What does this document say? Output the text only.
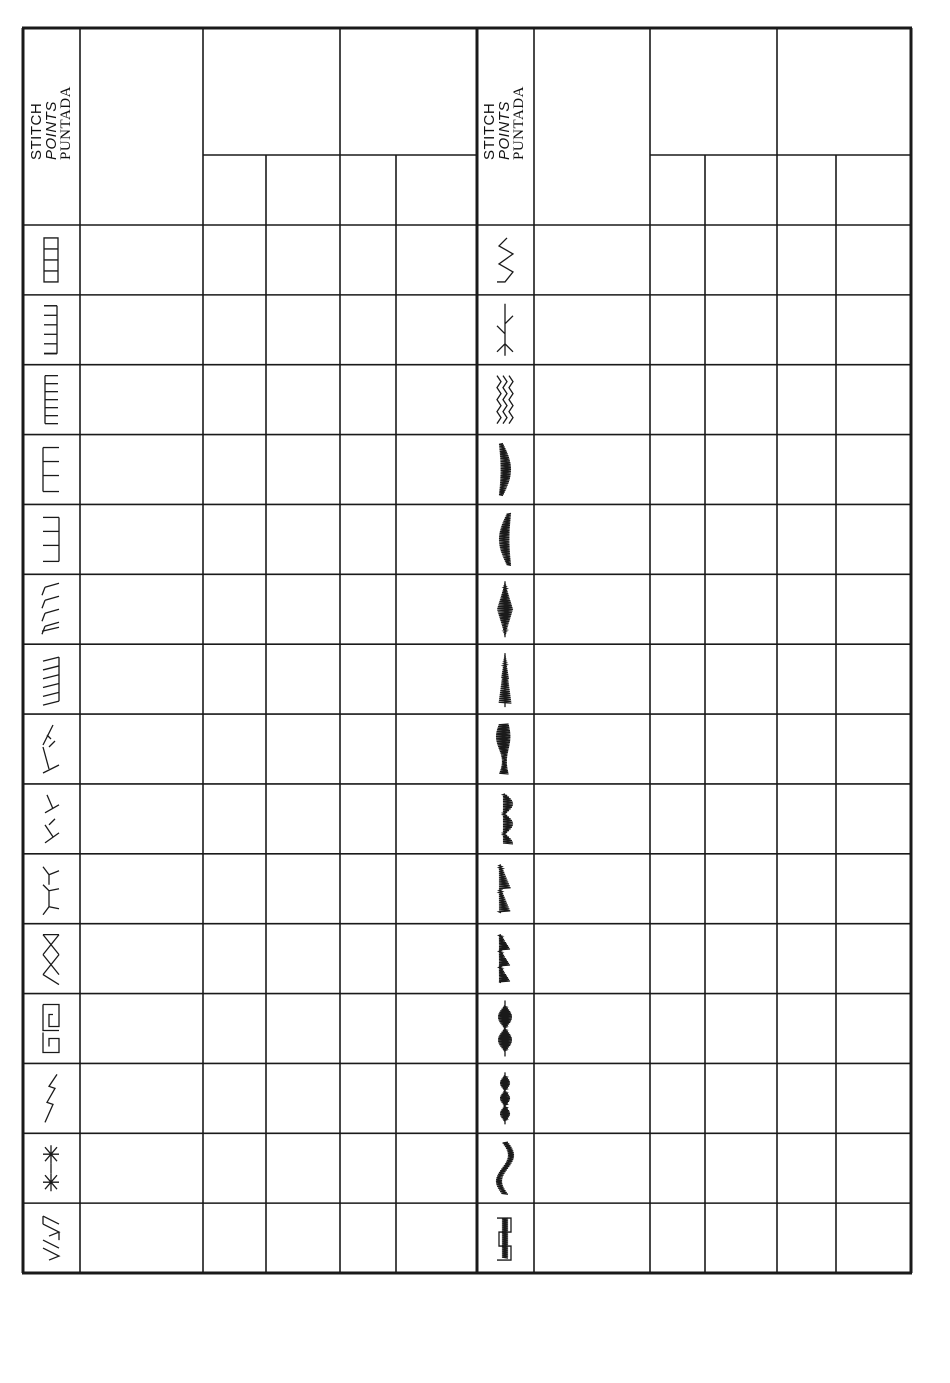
STITCH
POINTS
PUNTADA	STITCH
POINTS
PUNTADA
